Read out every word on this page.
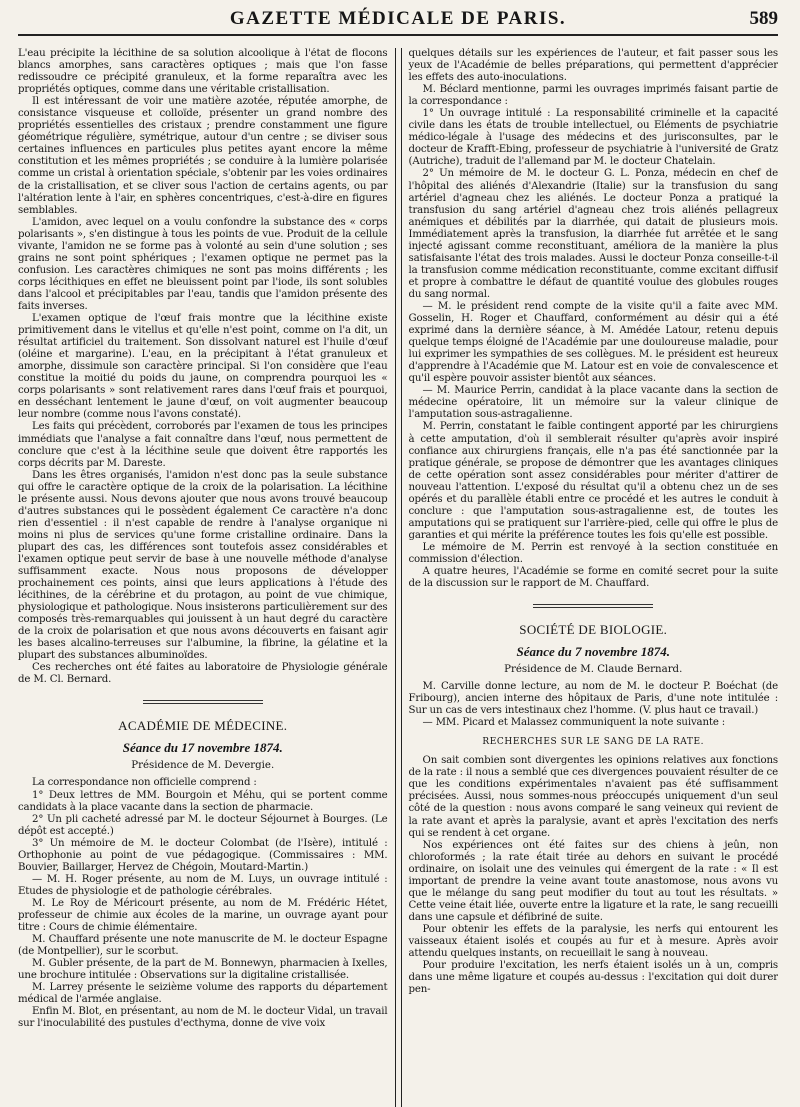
GAZETTE MÉDICALE DE PARIS.	589

L'eau précipite la lécithine de sa solution alcoolique à l'état de flocons blancs amorphes, sans caractères optiques ; mais que l'on fasse redissoudre ce précipité granuleux, et la forme reparaîtra avec les propriétés optiques, comme dans une véritable cristallisation.

Il est intéressant de voir une matière azotée, réputée amorphe, de consistance visqueuse et colloïde, présenter un grand nombre des propriétés essentielles des cristaux ; prendre constamment une figure géométrique régulière, symétrique, autour d'un centre ; se diviser sous certaines influences en particules plus petites ayant encore la même constitution et les mêmes propriétés ; se conduire à la lumière polarisée comme un cristal à orientation spéciale, s'obtenir par les voies ordinaires de la cristallisation, et se cliver sous l'action de certains agents, ou par l'altération lente à l'air, en sphères concentriques, c'est-à-dire en figures semblables.

L'amidon, avec lequel on a voulu confondre la substance des « corps polarisants », s'en distingue à tous les points de vue. Produit de la cellule vivante, l'amidon ne se forme pas à volonté au sein d'une solution ; ses grains ne sont point sphériques ; l'examen optique ne permet pas la confusion. Les caractères chimiques ne sont pas moins différents ; les corps lécithiques en effet ne bleuissent point par l'iode, ils sont solubles dans l'alcool et précipitables par l'eau, tandis que l'amidon présente des faits inverses.

L'examen optique de l'œuf frais montre que la lécithine existe primitivement dans le vitellus et qu'elle n'est point, comme on l'a dit, un résultat artificiel du traitement. Son dissolvant naturel est l'huile d'œuf (oléine et margarine). L'eau, en la précipitant à l'état granuleux et amorphe, dissimule son caractère principal. Si l'on considère que l'eau constitue la moitié du poids du jaune, on comprendra pourquoi les « corps polarisants » sont relativement rares dans l'œuf frais et pourquoi, en desséchant lentement le jaune d'œuf, on voit augmenter beaucoup leur nombre (comme nous l'avons constaté).

Les faits qui précèdent, corroborés par l'examen de tous les principes immédiats que l'analyse a fait connaître dans l'œuf, nous permettent de conclure que c'est à la lécithine seule que doivent être rapportés les corps décrits par M. Dareste.

Dans les êtres organisés, l'amidon n'est donc pas la seule substance qui offre le caractère optique de la croix de la polarisation. La lécithine le présente aussi. Nous devons ajouter que nous avons trouvé beaucoup d'autres substances qui le possèdent également Ce caractère n'a donc rien d'essentiel : il n'est capable de rendre à l'analyse organique ni moins ni plus de services qu'une forme cristalline ordinaire. Dans la plupart des cas, les différences sont toutefois assez considérables et l'examen optique peut servir de base à une nouvelle méthode d'analyse suffisamment exacte. Nous nous proposons de développer prochainement ces points, ainsi que leurs applications à l'étude des lécithines, de la cérébrine et du protagon, au point de vue chimique, physiologique et pathologique. Nous insisterons particulièrement sur des composés très-remarquables qui jouissent à un haut degré du caractère de la croix de polarisation et que nous avons découverts en faisant agir les bases alcalino-terreuses sur l'albumine, la fibrine, la gélatine et la plupart des substances albuminoïdes.

Ces recherches ont été faites au laboratoire de Physiologie générale de M. Cl. Bernard.

ACADÉMIE DE MÉDECINE.
Séance du 17 novembre 1874.
Présidence de M. Devergie.

La correspondance non officielle comprend :

1° Deux lettres de MM. Bourgoin et Méhu, qui se portent comme candidats à la place vacante dans la section de pharmacie.

2° Un pli cacheté adressé par M. le docteur Séjournet à Bourges. (Le dépôt est accepté.)

3° Un mémoire de M. le docteur Colombat (de l'Isère), intitulé : Orthophonie au point de vue pédagogique. (Commissaires : MM. Bouvier, Baillarger, Hervez de Chégoin, Moutard-Martin.)

— M. H. Roger présente, au nom de M. Luys, un ouvrage intitulé : Etudes de physiologie et de pathologie cérébrales.

M. Le Roy de Méricourt présente, au nom de M. Frédéric Hétet, professeur de chimie aux écoles de la marine, un ouvrage ayant pour titre : Cours de chimie élémentaire.

M. Chauffard présente une note manuscrite de M. le docteur Espagne (de Montpellier), sur le scorbut.

M. Gubler présente, de la part de M. Bonnewyn, pharmacien à Ixelles, une brochure intitulée : Observations sur la digitaline cristallisée.

M. Larrey présente le seizième volume des rapports du département médical de l'armée anglaise.

Enfin M. Blot, en présentant, au nom de M. le docteur Vidal, un travail sur l'inoculabilité des pustules d'ecthyma, donne de vive voix

quelques détails sur les expériences de l'auteur, et fait passer sous les yeux de l'Académie de belles préparations, qui permettent d'apprécier les effets des auto-inoculations.

M. Béclard mentionne, parmi les ouvrages imprimés faisant partie de la correspondance :

1° Un ouvrage intitulé : La responsabilité criminelle et la capacité civile dans les états de trouble intellectuel, ou Eléments de psychiatrie médico-légale à l'usage des médecins et des jurisconsultes, par le docteur de Krafft-Ebing, professeur de psychiatrie à l'université de Gratz (Autriche), traduit de l'allemand par M. le docteur Chatelain.

2° Un mémoire de M. le docteur G. L. Ponza, médecin en chef de l'hôpital des aliénés d'Alexandrie (Italie) sur la transfusion du sang artériel d'agneau chez les aliénés. Le docteur Ponza a pratiqué la transfusion du sang artériel d'agneau chez trois aliénés pellagreux anémiques et débilités par la diarrhée, qui datait de plusieurs mois. Immédiatement après la transfusion, la diarrhée fut arrêtée et le sang injecté agissant comme reconstituant, améliora de la manière la plus satisfaisante l'état des trois malades. Aussi le docteur Ponza conseille-t-il la transfusion comme médication reconstituante, comme excitant diffusif et propre à combattre le défaut de quantité voulue des globules rouges du sang normal.

— M. le président rend compte de la visite qu'il a faite avec MM. Gosselin, H. Roger et Chauffard, conformément au désir qui a été exprimé dans la dernière séance, à M. Amédée Latour, retenu depuis quelque temps éloigné de l'Académie par une douloureuse maladie, pour lui exprimer les sympathies de ses collègues. M. le président est heureux d'apprendre à l'Académie que M. Latour est en voie de convalescence et qu'il espère pouvoir assister bientôt aux séances.

— M. Maurice Perrin, candidat à la place vacante dans la section de médecine opératoire, lit un mémoire sur la valeur clinique de l'amputation sous-astragalienne.

M. Perrin, constatant le faible contingent apporté par les chirurgiens à cette amputation, d'où il semblerait résulter qu'après avoir inspiré confiance aux chirurgiens français, elle n'a pas été sanctionnée par la pratique générale, se propose de démontrer que les avantages cliniques de cette opération sont assez considérables pour mériter d'attirer de nouveau l'attention. L'exposé du résultat qu'il a obtenu chez un de ses opérés et du parallèle établi entre ce procédé et les autres le conduit à conclure : que l'amputation sous-astragalienne est, de toutes les amputations qui se pratiquent sur l'arrière-pied, celle qui offre le plus de garanties et qui mérite la préférence toutes les fois qu'elle est possible.

Le mémoire de M. Perrin est renvoyé à la section constituée en commission d'élection.

A quatre heures, l'Académie se forme en comité secret pour la suite de la discussion sur le rapport de M. Chauffard.

SOCIÉTÉ DE BIOLOGIE.
Séance du 7 novembre 1874.
Présidence de M. Claude Bernard.

M. Carville donne lecture, au nom de M. le docteur P. Boéchat (de Fribourg), ancien interne des hôpitaux de Paris, d'une note intitulée : Sur un cas de vers intestinaux chez l'homme. (V. plus haut ce travail.)

— MM. Picard et Malassez communiquent la note suivante :

RECHERCHES SUR LE SANG DE LA RATE.

On sait combien sont divergentes les opinions relatives aux fonctions de la rate : il nous a semblé que ces divergences pouvaient résulter de ce que les conditions expérimentales n'avaient pas été suffisamment précisées. Aussi, nous sommes-nous préoccupés uniquement d'un seul côté de la question : nous avons comparé le sang veineux qui revient de la rate avant et après la paralysie, avant et après l'excitation des nerfs qui se rendent à cet organe.

Nos expériences ont été faites sur des chiens à jeûn, non chloroformés ; la rate était tirée au dehors en suivant le procédé ordinaire, on isolait une des veinules qui émergent de la rate : « Il est important de prendre la veine avant toute anastomose, nous avons vu que le mélange du sang peut modifier du tout au tout les résultats. » Cette veine était liée, ouverte entre la ligature et la rate, le sang recueilli dans une capsule et défibriné de suite.

Pour obtenir les effets de la paralysie, les nerfs qui entourent les vaisseaux étaient isolés et coupés au fur et à mesure. Après avoir attendu quelques instants, on recueillait le sang à nouveau.

Pour produire l'excitation, les nerfs étaient isolés un à un, compris dans une même ligature et coupés au-dessus : l'excitation qui doit durer pen-
